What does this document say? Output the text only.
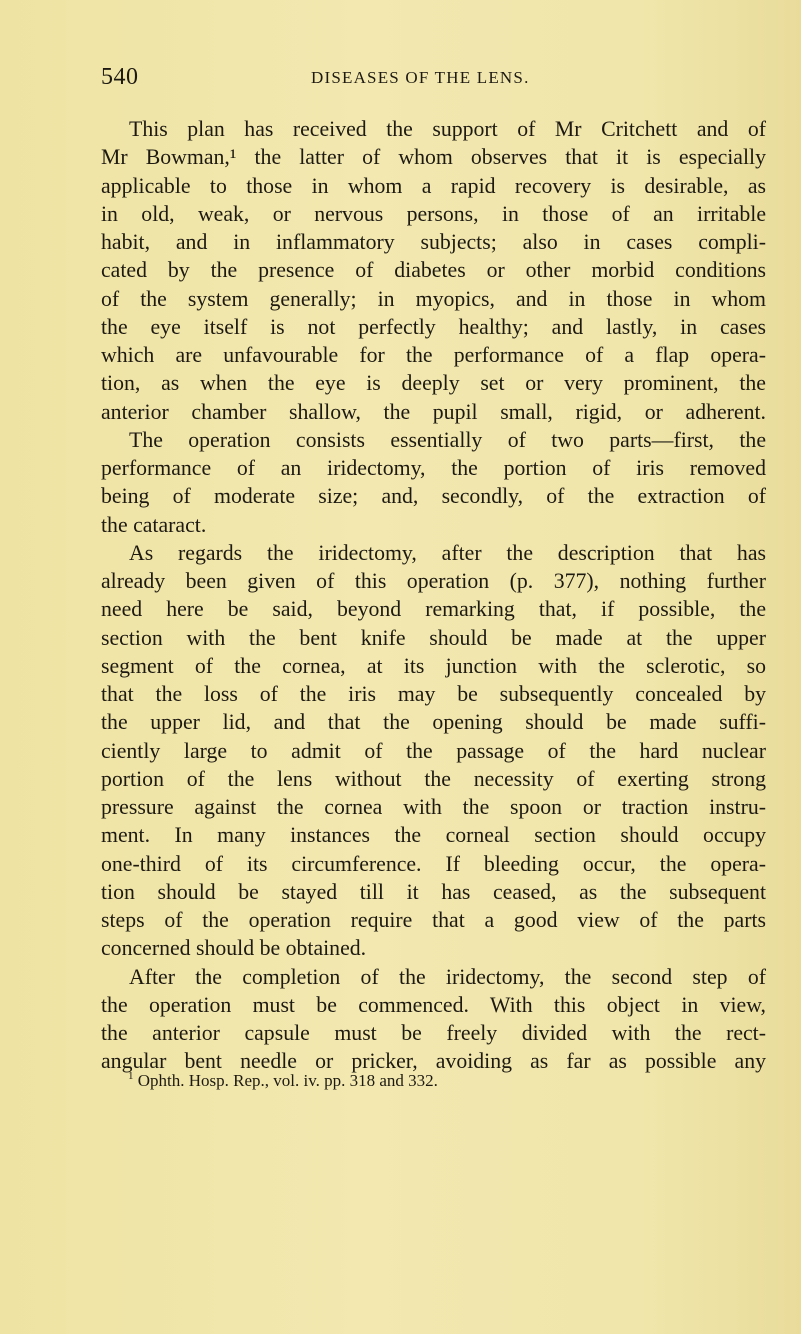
540	DISEASES OF THE LENS.
This plan has received the support of Mr Critchett and of
Mr Bowman,¹ the latter of whom observes that it is especially
applicable to those in whom a rapid recovery is desirable, as
in old, weak, or nervous persons, in those of an irritable
habit, and in inflammatory subjects; also in cases compli-
cated by the presence of diabetes or other morbid conditions
of the system generally; in myopics, and in those in whom
the eye itself is not perfectly healthy; and lastly, in cases
which are unfavourable for the performance of a flap opera-
tion, as when the eye is deeply set or very prominent, the
anterior chamber shallow, the pupil small, rigid, or adherent.
The operation consists essentially of two parts—first, the
performance of an iridectomy, the portion of iris removed
being of moderate size; and, secondly, of the extraction of
the cataract.
As regards the iridectomy, after the description that has
already been given of this operation (p. 377), nothing further
need here be said, beyond remarking that, if possible, the
section with the bent knife should be made at the upper
segment of the cornea, at its junction with the sclerotic, so
that the loss of the iris may be subsequently concealed by
the upper lid, and that the opening should be made suffi-
ciently large to admit of the passage of the hard nuclear
portion of the lens without the necessity of exerting strong
pressure against the cornea with the spoon or traction instru-
ment. In many instances the corneal section should occupy
one-third of its circumference. If bleeding occur, the opera-
tion should be stayed till it has ceased, as the subsequent
steps of the operation require that a good view of the parts
concerned should be obtained.
After the completion of the iridectomy, the second step of
the operation must be commenced. With this object in view,
the anterior capsule must be freely divided with the rect-
angular bent needle or pricker, avoiding as far as possible any
$^1$ Ophth. Hosp. Rep., vol. iv. pp. 318 and 332.
